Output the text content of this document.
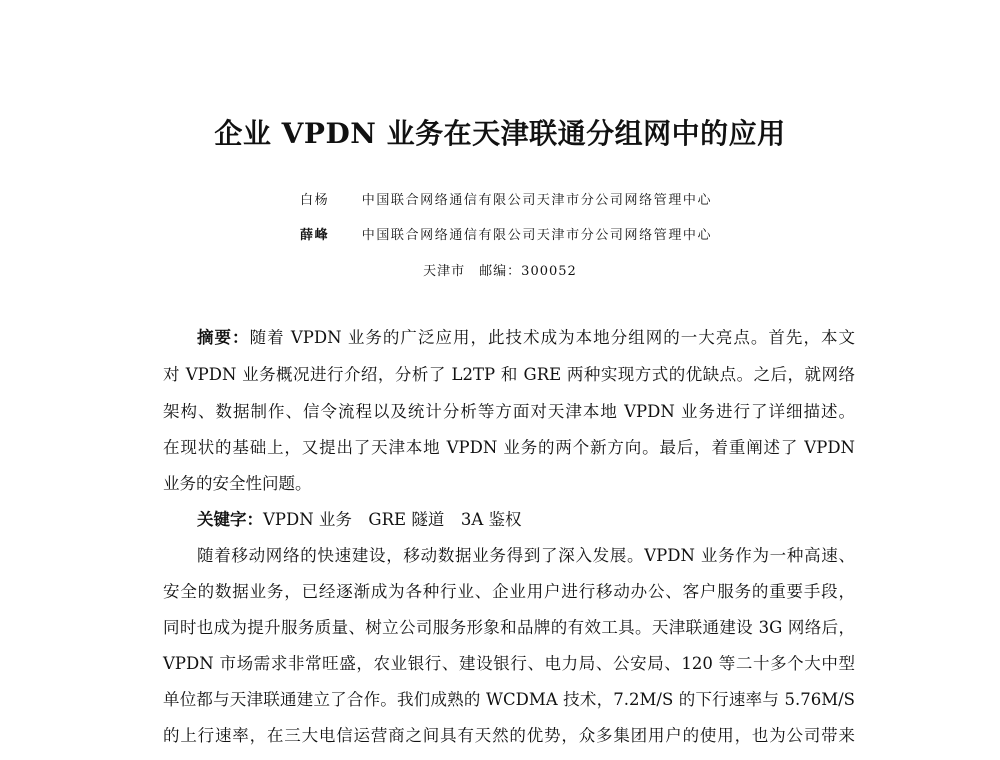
企业 VPDN 业务在天津联通分组网中的应用
白杨	中国联合网络通信有限公司天津市分公司网络管理中心
薛峰	中国联合网络通信有限公司天津市分公司网络管理中心
天津市　邮编：300052
摘要：随着 VPDN 业务的广泛应用，此技术成为本地分组网的一大亮点。首先，本文
对 VPDN 业务概况进行介绍，分析了 L2TP 和 GRE 两种实现方式的优缺点。之后，就网络
架构、数据制作、信令流程以及统计分析等方面对天津本地 VPDN 业务进行了详细描述。
在现状的基础上，又提出了天津本地 VPDN 业务的两个新方向。最后，着重阐述了 VPDN
业务的安全性问题。
关键字：VPDN 业务　GRE 隧道　3A 鉴权
随着移动网络的快速建设，移动数据业务得到了深入发展。VPDN 业务作为一种高速、
安全的数据业务，已经逐渐成为各种行业、企业用户进行移动办公、客户服务的重要手段，
同时也成为提升服务质量、树立公司服务形象和品牌的有效工具。天津联通建设 3G 网络后，
VPDN 市场需求非常旺盛，农业银行、建设银行、电力局、公安局、120 等二十多个大中型
单位都与天津联通建立了合作。我们成熟的 WCDMA 技术，7.2M/S 的下行速率与 5.76M/S
的上行速率，在三大电信运营商之间具有天然的优势，众多集团用户的使用，也为公司带来
